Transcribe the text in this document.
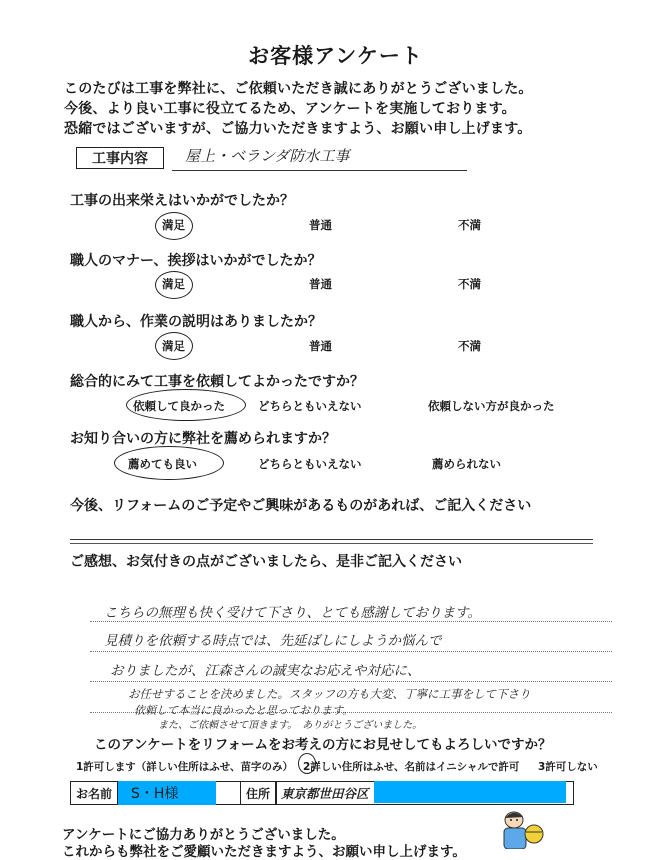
お客様アンケート
このたびは工事を弊社に、ご依頼いただき誠にありがとうございました。
今後、より良い工事に役立てるため、アンケートを実施しております。
恐縮ではございますが、ご協力いただきますよう、お願い申し上げます。
工事内容	屋上・ベランダ防水工事
工事の出来栄えはいかがでしたか？
満足	普通	不満
職人のマナー、挨拶はいかがでしたか？
満足	普通	不満
職人から、作業の説明はありましたか？
満足	普通	不満
総合的にみて工事を依頼してよかったですか？
依頼して良かった	どちらともいえない	依頼しない方が良かった
お知り合いの方に弊社を薦められますか？
薦めても良い	どちらともいえない	薦められない
今後、リフォームのご予定やご興味があるものがあれば、ご記入ください
ご感想、お気付きの点がございましたら、是非ご記入ください
こちらの無理も快く受けて下さり、とても感謝しております。
見積りを依頼する時点では、先延ばしにしようか悩んで
おりましたが、江森さんの誠実なお応えや対応に、
お任せすることを決めました。スタッフの方も大変、丁寧に工事をして下さり
依頼して本当に良かったと思っております。
また、ご依頼させて頂きます。　ありがとうございました。
このアンケートをリフォームをお考えの方にお見せしてもよろしいですか？
1許可します（詳しい住所はふせ、苗字のみ） 2詳しい住所はふせ、名前はイニシャルで許可 3許可しない
お名前	S・H様	住所 東京都世田谷区
アンケートにご協力ありがとうございました。
これからも弊社をご愛顧いただきますよう、お願い申し上げます。
